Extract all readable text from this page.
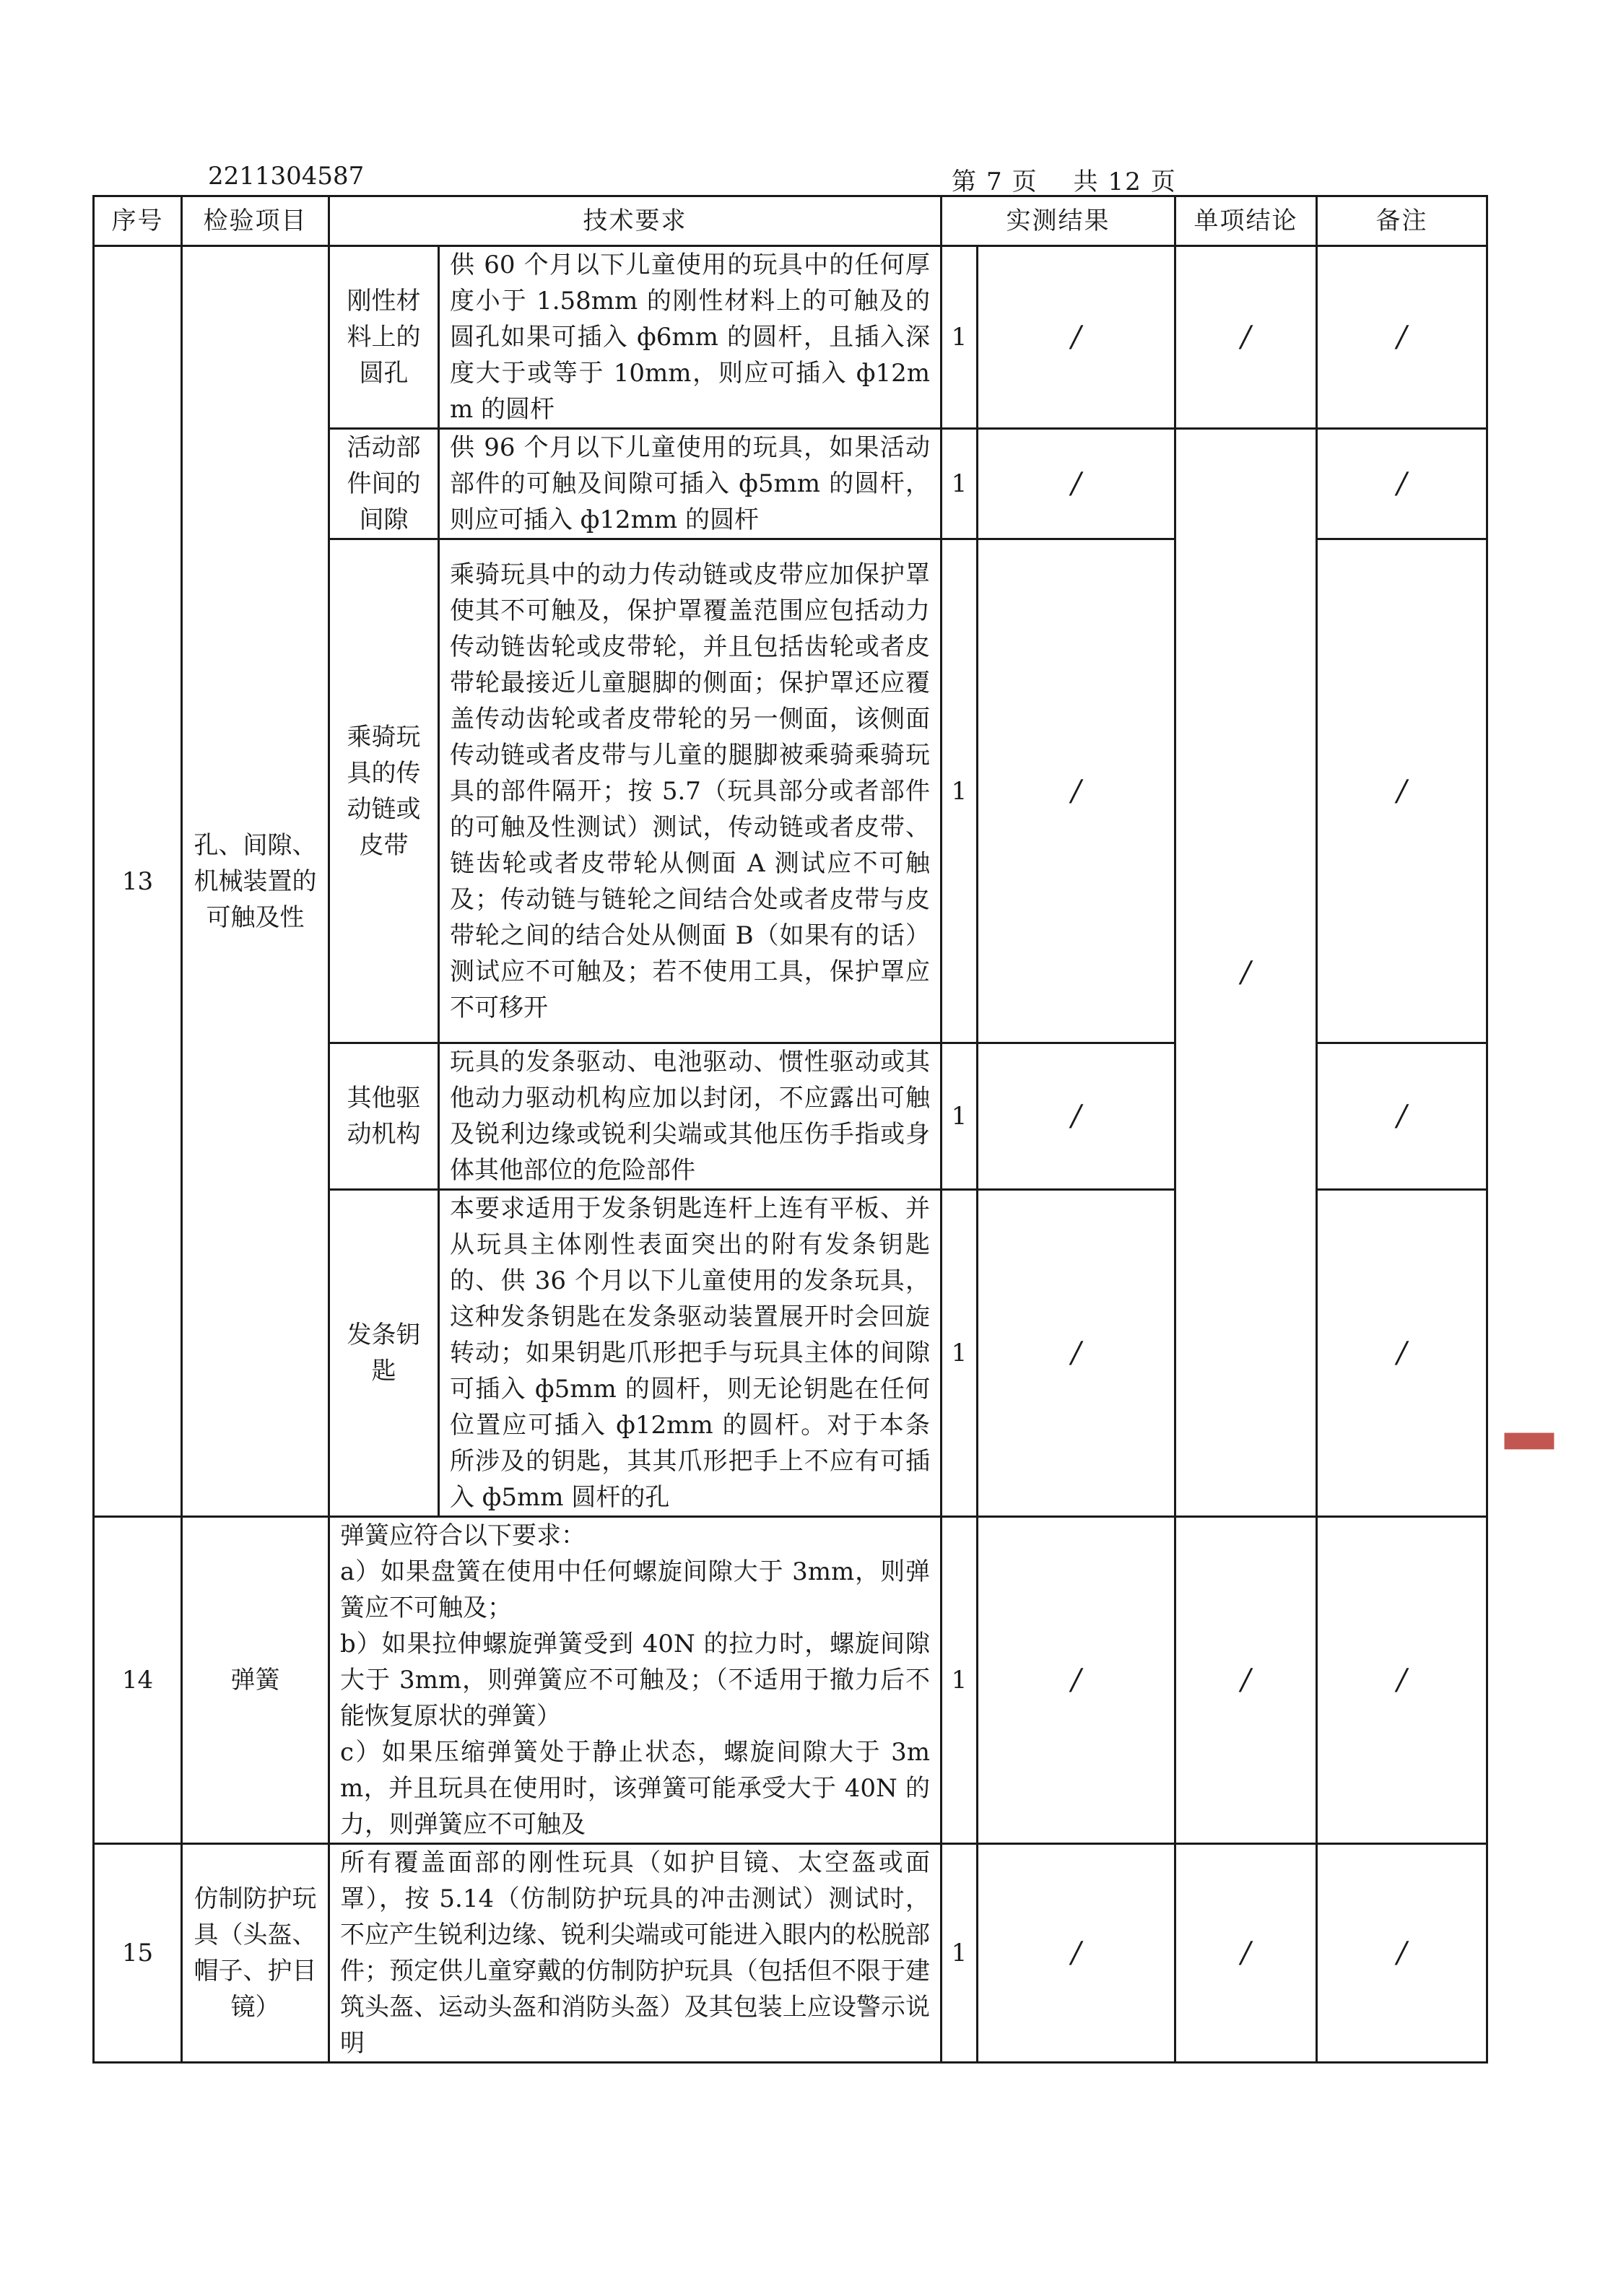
2211304587	第 7 页 共 12 页
序号	检验项目	技术要求		实测结果		单项结论	备注
13	孔、间隙、机械装置的可触及性	刚性材料上的圆孔	供 60 个月以下儿童使用的玩具中的任何厚度小于 1.58mm 的刚性材料上的可触及的圆孔如果可插入 ф6mm 的圆杆，且插入深度大于或等于 10mm，则应可插入 ф12mm 的圆杆	1	/	/	/
		活动部件间的间隙	供 96 个月以下儿童使用的玩具，如果活动部件的可触及间隙可插入 ф5mm 的圆杆，则应可插入 ф12mm 的圆杆	1	/	/	/
		乘骑玩具的传动链或皮带	乘骑玩具中的动力传动链或皮带应加保护罩使其不可触及，保护罩覆盖范围应包括动力传动链齿轮或皮带轮，并且包括齿轮或者皮带轮最接近儿童腿脚的侧面；保护罩还应覆盖传动齿轮或者皮带轮的另一侧面，该侧面传动链或者皮带与儿童的腿脚被乘骑乘骑玩具的部件隔开；按 5.7（玩具部分或者部件的可触及性测试）测试，传动链或者皮带、链齿轮或者皮带轮从侧面 A 测试应不可触及；传动链与链轮之间结合处或者皮带与皮带轮之间的结合处从侧面 B（如果有的话）测试应不可触及；若不使用工具，保护罩应不可移开	1	/		/
		其他驱动机构	玩具的发条驱动、电池驱动、惯性驱动或其他动力驱动机构应加以封闭，不应露出可触及锐利边缘或锐利尖端或其他压伤手指或身体其他部位的危险部件	1	/		/
		发条钥匙	本要求适用于发条钥匙连杆上连有平板、并从玩具主体刚性表面突出的附有发条钥匙的、供 36 个月以下儿童使用的发条玩具，这种发条钥匙在发条驱动装置展开时会回旋转动；如果钥匙爪形把手与玩具主体的间隙可插入 ф5mm 的圆杆，则无论钥匙在任何位置应可插入 ф12mm 的圆杆。对于本条所涉及的钥匙，其其爪形把手上不应有可插入 ф5mm 圆杆的孔	1	/		/
14	弹簧	弹簧应符合以下要求：
a）如果盘簧在使用中任何螺旋间隙大于 3mm，则弹簧应不可触及；
b）如果拉伸螺旋弹簧受到 40N 的拉力时，螺旋间隙大于 3mm，则弹簧应不可触及；（不适用于撤力后不能恢复原状的弹簧）
c）如果压缩弹簧处于静止状态，螺旋间隙大于 3mm，并且玩具在使用时，该弹簧可能承受大于 40N 的力，则弹簧应不可触及		1	/	/	/
15	仿制防护玩具（头盔、帽子、护目镜）	所有覆盖面部的刚性玩具（如护目镜、太空盔或面罩），按 5.14（仿制防护玩具的冲击测试）测试时，不应产生锐利边缘、锐利尖端或可能进入眼内的松脱部件；预定供儿童穿戴的仿制防护玩具（包括但不限于建筑头盔、运动头盔和消防头盔）及其包装上应设警示说明		1	/	/	/
▌
